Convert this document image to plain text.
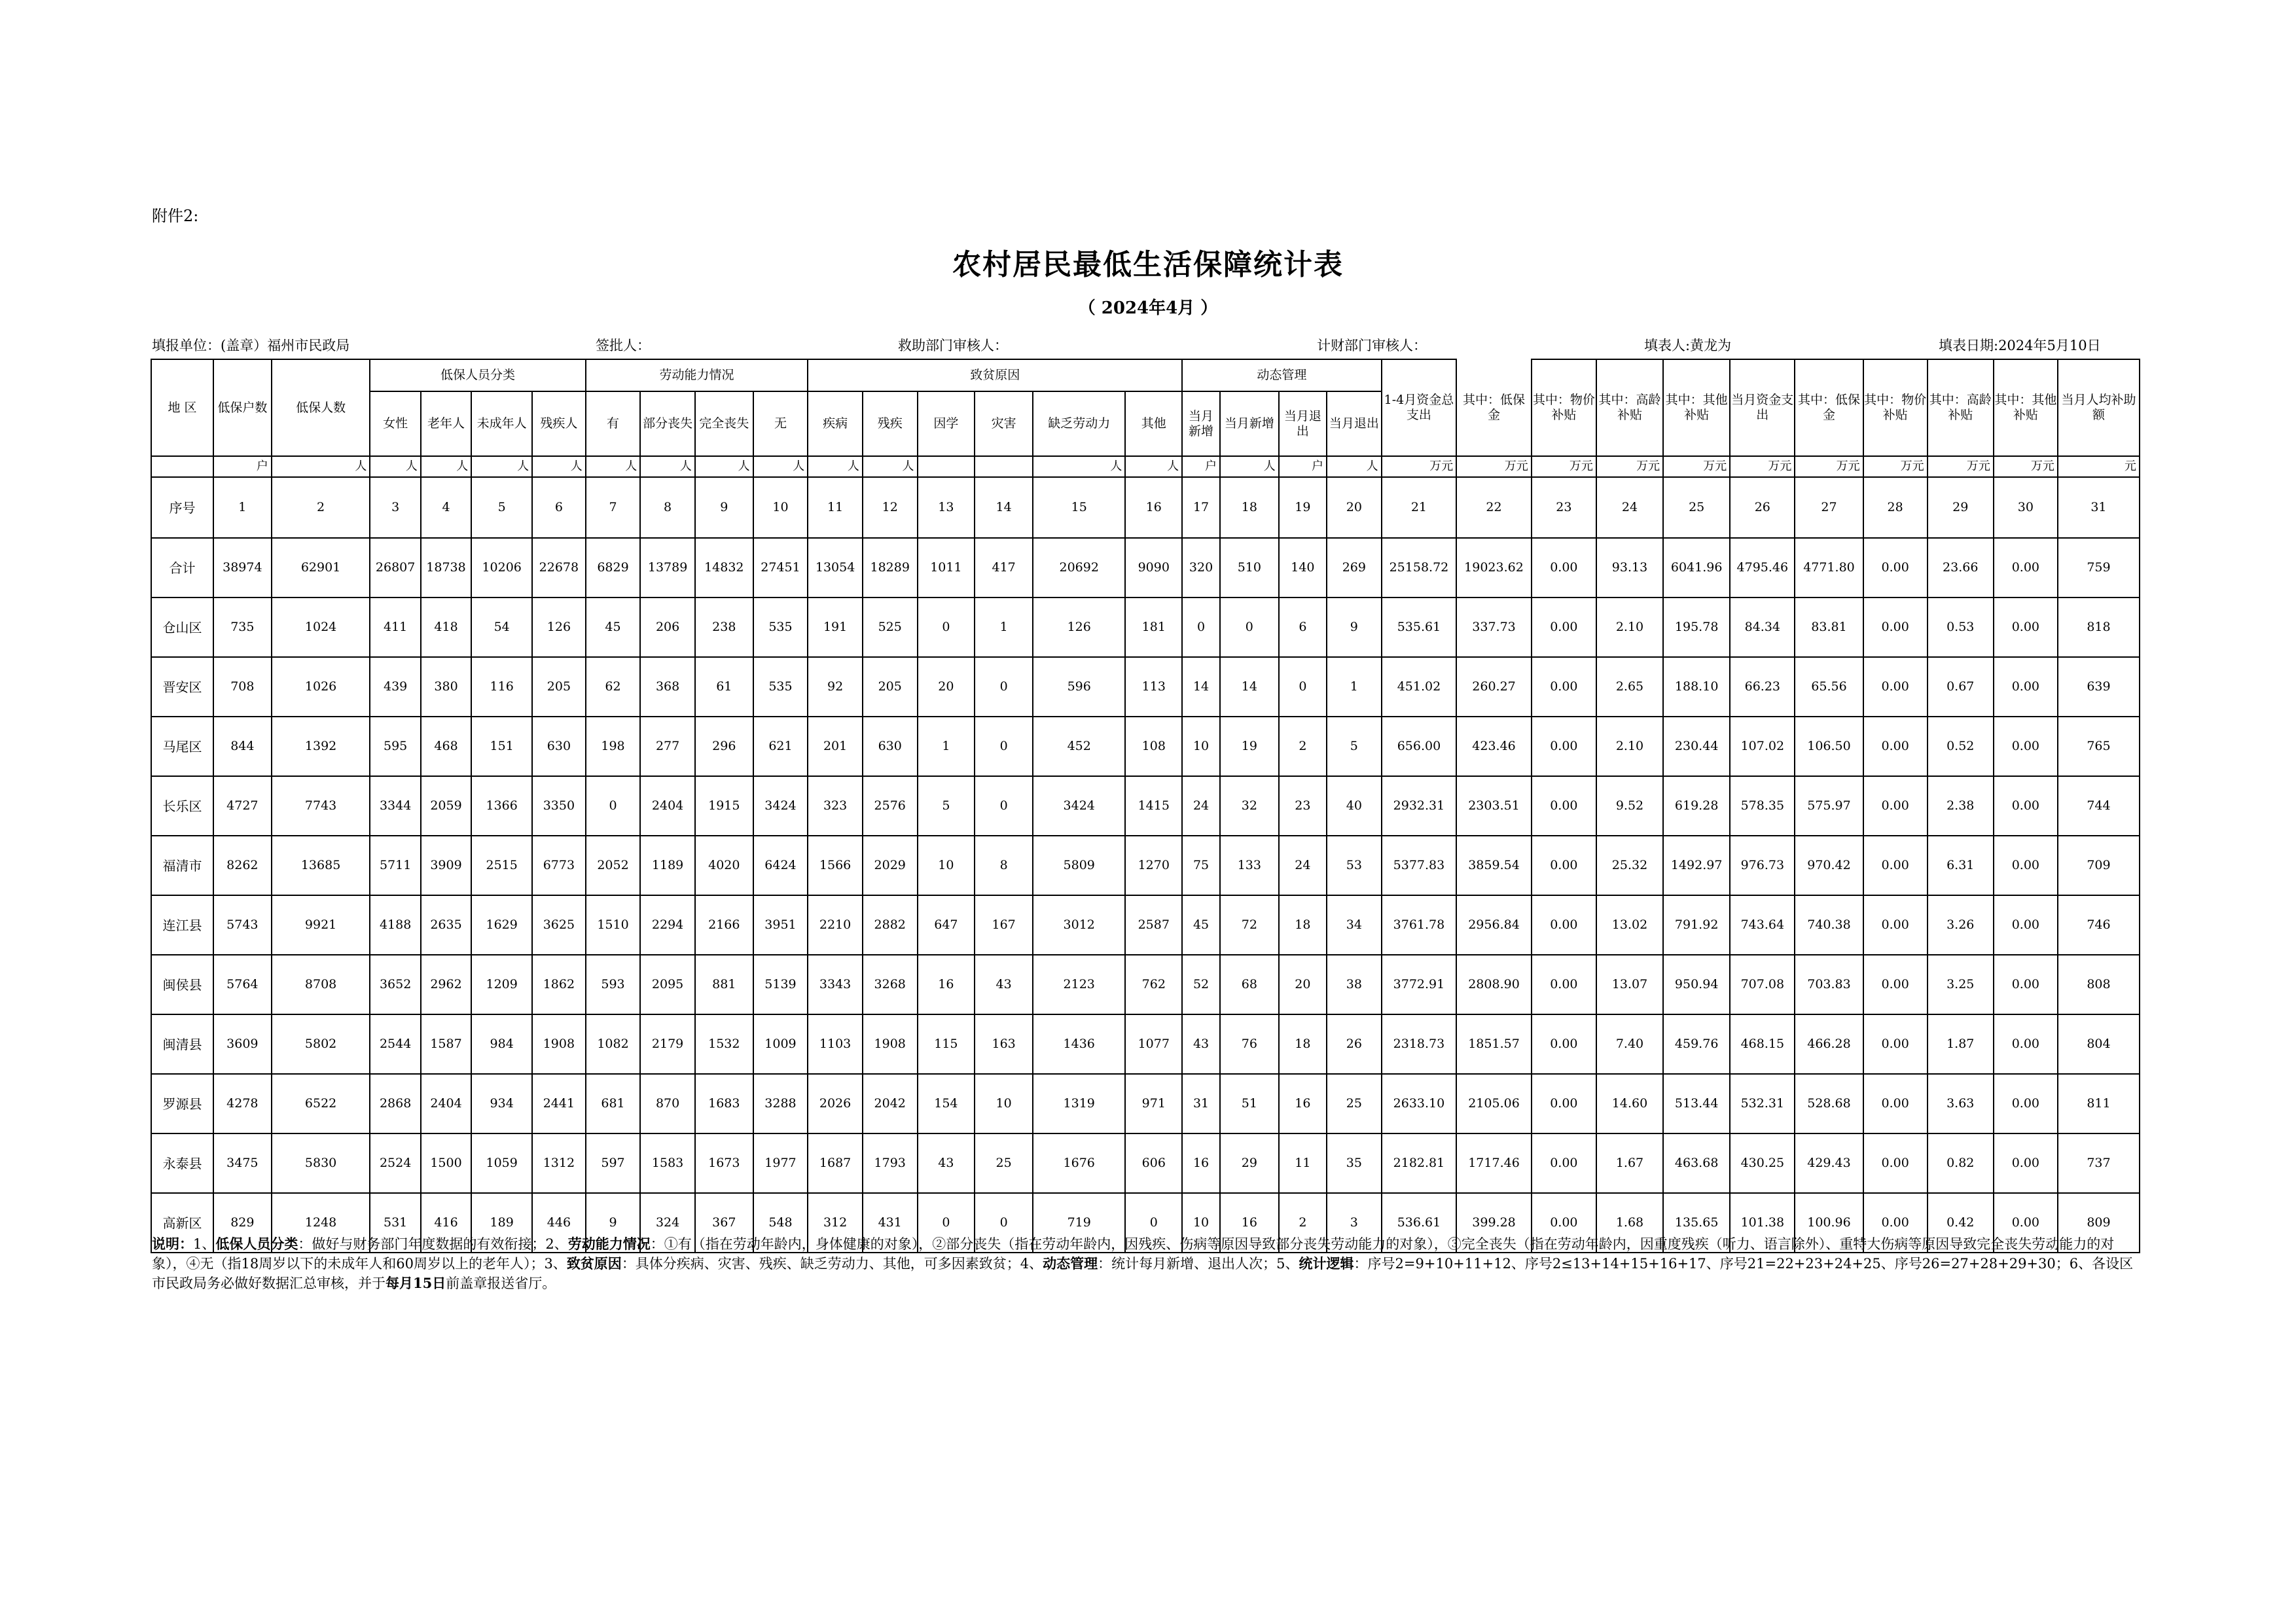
附件2:
农村居民最低生活保障统计表
（ 2024年4月 ）
填报单位：(盖章）福州市民政局	签批人：	救助部门审核人：	计财部门审核人：	填表人:黄龙为	填表日期:2024年5月10日
地 区	低保户数	低保人数	低保人员分类				劳动能力情况				致贫原因						动态管理				1-4月资金总支出	其中：低保金	其中：物价补贴	其中：高龄补贴	其中：其他补贴	当月资金支出	其中：低保金	其中：物价补贴	其中：高龄补贴	其中：其他补贴	当月人均补助额
			女性	老年人	未成年人	残疾人	有	部分丧失	完全丧失	无	疾病	残疾	因学	灾害	缺乏劳动力	其他	当月新增	当月新增	当月退出	当月退出											
	户	人	人	人	人	人	人	人	人	人	人	人			人	人	户	人	户	人	万元	万元	万元	万元	万元	万元	万元	万元	万元	万元	元
序号	1	2	3	4	5	6	7	8	9	10	11	12	13	14	15	16	17	18	19	20	21	22	23	24	25	26	27	28	29	30	31
合计	38974	62901	26807	18738	10206	22678	6829	13789	14832	27451	13054	18289	1011	417	20692	9090	320	510	140	269	25158.72	19023.62	0.00	93.13	6041.96	4795.46	4771.80	0.00	23.66	0.00	759
仓山区	735	1024	411	418	54	126	45	206	238	535	191	525	0	1	126	181	0	0	6	9	535.61	337.73	0.00	2.10	195.78	84.34	83.81	0.00	0.53	0.00	818
晋安区	708	1026	439	380	116	205	62	368	61	535	92	205	20	0	596	113	14	14	0	1	451.02	260.27	0.00	2.65	188.10	66.23	65.56	0.00	0.67	0.00	639
马尾区	844	1392	595	468	151	630	198	277	296	621	201	630	1	0	452	108	10	19	2	5	656.00	423.46	0.00	2.10	230.44	107.02	106.50	0.00	0.52	0.00	765
长乐区	4727	7743	3344	2059	1366	3350	0	2404	1915	3424	323	2576	5	0	3424	1415	24	32	23	40	2932.31	2303.51	0.00	9.52	619.28	578.35	575.97	0.00	2.38	0.00	744
福清市	8262	13685	5711	3909	2515	6773	2052	1189	4020	6424	1566	2029	10	8	5809	1270	75	133	24	53	5377.83	3859.54	0.00	25.32	1492.97	976.73	970.42	0.00	6.31	0.00	709
连江县	5743	9921	4188	2635	1629	3625	1510	2294	2166	3951	2210	2882	647	167	3012	2587	45	72	18	34	3761.78	2956.84	0.00	13.02	791.92	743.64	740.38	0.00	3.26	0.00	746
闽侯县	5764	8708	3652	2962	1209	1862	593	2095	881	5139	3343	3268	16	43	2123	762	52	68	20	38	3772.91	2808.90	0.00	13.07	950.94	707.08	703.83	0.00	3.25	0.00	808
闽清县	3609	5802	2544	1587	984	1908	1082	2179	1532	1009	1103	1908	115	163	1436	1077	43	76	18	26	2318.73	1851.57	0.00	7.40	459.76	468.15	466.28	0.00	1.87	0.00	804
罗源县	4278	6522	2868	2404	934	2441	681	870	1683	3288	2026	2042	154	10	1319	971	31	51	16	25	2633.10	2105.06	0.00	14.60	513.44	532.31	528.68	0.00	3.63	0.00	811
永泰县	3475	5830	2524	1500	1059	1312	597	1583	1673	1977	1687	1793	43	25	1676	606	16	29	11	35	2182.81	1717.46	0.00	1.67	463.68	430.25	429.43	0.00	0.82	0.00	737
高新区	829	1248	531	416	189	446	9	324	367	548	312	431	0	0	719	0	10	16	2	3	536.61	399.28	0.00	1.68	135.65	101.38	100.96	0.00	0.42	0.00	809
说明：1、低保人员分类：做好与财务部门年度数据的有效衔接；2、劳动能力情况：①有（指在劳动年龄内，身体健康的对象），②部分丧失（指在劳动年龄内，因残疾、伤病等原因导致部分丧失劳动能力的对象），③完全丧失（指在劳动年龄内，因重度残疾（听力、语言除外）、重特大伤病等原因导致完全丧失劳动能力的对象），④无（指18周岁以下的未成年人和60周岁以上的老年人）；3、致贫原因：具体分疾病、灾害、残疾、缺乏劳动力、其他，可多因素致贫；4、动态管理：统计每月新增、退出人次；5、统计逻辑：序号2=9+10+11+12、序号2≤13+14+15+16+17、序号21=22+23+24+25、序号26=27+28+29+30；6、各设区市民政局务必做好数据汇总审核，并于每月15日前盖章报送省厅。
